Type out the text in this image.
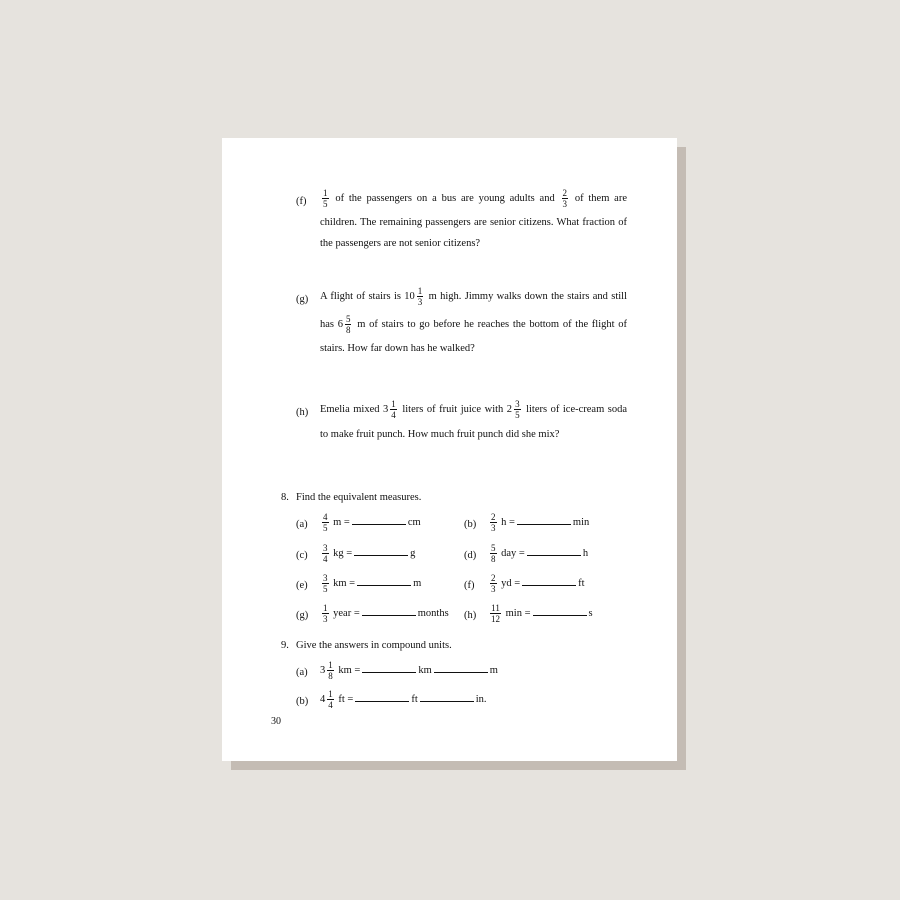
$(f) \frac{1}{5}$ of the passengers on a bus are young adults and $\frac{2}{3}$ of them are
children. The remaining passengers are senior citizens. What fraction of
the passengers are not senior citizens?
(g) A flight of stairs is $10 \frac{1}{3}$ m high. Jimmy walks down the stairs and still
has $6 \frac{5}{8}$ m of stairs to go before he reaches the bottom of the flight of
stairs. How far down has he walked?
(h) Emelia mixed $3 \frac{1}{4}$ liters of fruit juice with $2 \frac{3}{5}$ liters of ice-cream soda
to make fruit punch. How much fruit punch did she mix?
8. Find the equivalent measures.
$(a) \frac{4}{5}$ m =	cm	$(b) \frac{2}{3}$ h =	min
$(c) \frac{3}{4}$ kg =	g	$(d) \frac{5}{8}$ day =	h
$(e) \frac{3}{5}$ km =	m	$(f) \frac{2}{3}$ yd =	ft
$(g) \frac{1}{3}$ year =	months $(h) \frac{11}{12}$ min =	s
9. Give the answers in compound units.
(a) $3 \frac{1}{8}$ km =	km	m
(b) $4 \frac{1}{4}$ ft =	ft	in.
30
